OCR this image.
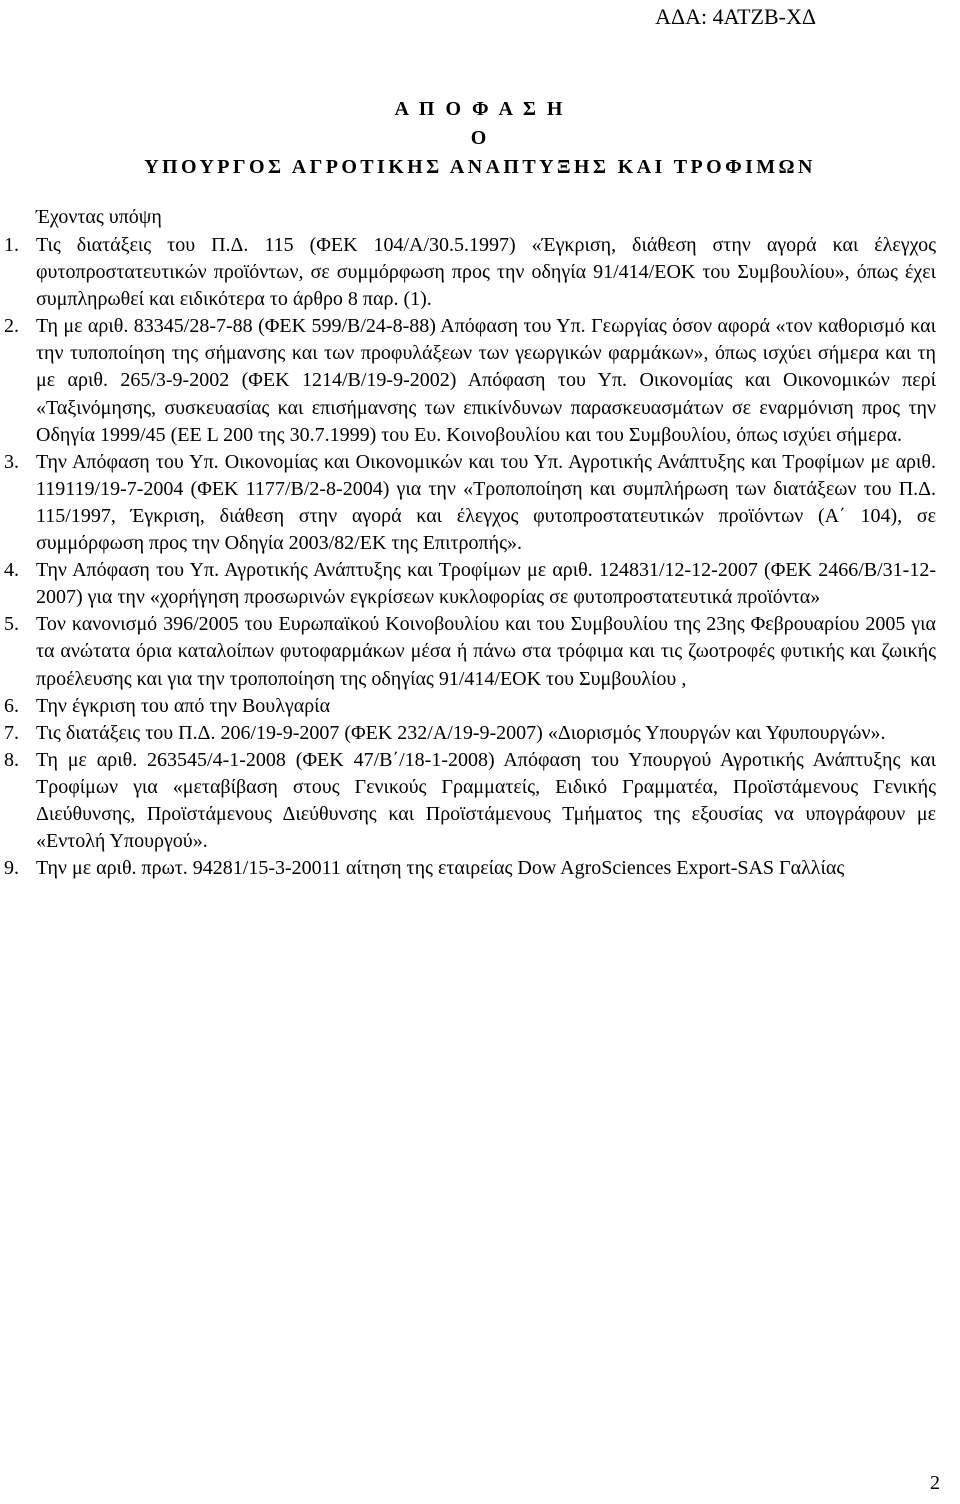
ΑΔΑ: 4ΑΤΖΒ-ΧΔ
Α Π Ο Φ Α Σ Η
Ο
ΥΠΟΥΡΓΟΣ ΑΓΡΟΤΙΚΗΣ ΑΝΑΠΤΥΞΗΣ ΚΑΙ ΤΡΟΦΙΜΩΝ
Έχοντας υπόψη
1. Τις διατάξεις του Π.Δ. 115 (ΦΕΚ 104/Α/30.5.1997) «Έγκριση, διάθεση στην αγορά και έλεγχος φυτοπροστατευτικών προϊόντων, σε συμμόρφωση προς την οδηγία 91/414/ΕΟΚ του Συμβουλίου», όπως έχει συμπληρωθεί και ειδικότερα το άρθρο 8 παρ. (1).
2. Τη με αριθ. 83345/28-7-88 (ΦΕΚ 599/Β/24-8-88) Απόφαση του Υπ. Γεωργίας όσον αφορά «τον καθορισμό και την τυποποίηση της σήμανσης και των προφυλάξεων των γεωργικών φαρμάκων», όπως ισχύει σήμερα και τη με αριθ. 265/3-9-2002 (ΦΕΚ 1214/Β/19-9-2002) Απόφαση του Υπ. Οικονομίας και Οικονομικών περί «Ταξινόμησης, συσκευασίας και επισήμανσης των επικίνδυνων παρασκευασμάτων σε εναρμόνιση προς την Οδηγία 1999/45 (ΕΕ L 200 της 30.7.1999) του Ευ. Κοινοβουλίου και του Συμβουλίου, όπως ισχύει σήμερα.
3. Την Απόφαση του Υπ. Οικονομίας και Οικονομικών και του Υπ. Αγροτικής Ανάπτυξης και Τροφίμων με αριθ. 119119/19-7-2004 (ΦΕΚ 1177/Β/2-8-2004) για την «Τροποποίηση και συμπλήρωση των διατάξεων του Π.Δ. 115/1997, Έγκριση, διάθεση στην αγορά και έλεγχος φυτοπροστατευτικών προϊόντων (Α΄ 104), σε συμμόρφωση προς την Οδηγία 2003/82/ΕΚ της Επιτροπής».
4. Την Απόφαση του Υπ. Αγροτικής Ανάπτυξης και Τροφίμων με αριθ. 124831/12-12-2007 (ΦΕΚ 2466/Β/31-12-2007) για την «χορήγηση προσωρινών εγκρίσεων κυκλοφορίας σε φυτοπροστατευτικά προϊόντα»
5. Τον κανονισμό 396/2005 του Ευρωπαϊκού Κοινοβουλίου και του Συμβουλίου της 23ης Φεβρουαρίου 2005 για τα ανώτατα όρια καταλοίπων φυτοφαρμάκων μέσα ή πάνω στα τρόφιμα και τις ζωοτροφές φυτικής και ζωικής προέλευσης και για την τροποποίηση της οδηγίας 91/414/ΕΟΚ του Συμβουλίου ,
6. Την έγκριση του από την Βουλγαρία
7. Τις διατάξεις του Π.Δ. 206/19-9-2007 (ΦΕΚ 232/Α/19-9-2007) «Διορισμός Υπουργών και Υφυπουργών».
8. Τη με αριθ. 263545/4-1-2008 (ΦΕΚ 47/Β΄/18-1-2008) Απόφαση του Υπουργού Αγροτικής Ανάπτυξης και Τροφίμων για «μεταβίβαση στους Γενικούς Γραμματείς, Ειδικό Γραμματέα, Προϊστάμενους Γενικής Διεύθυνσης, Προϊστάμενους Διεύθυνσης και Προϊστάμενους Τμήματος της εξουσίας να υπογράφουν με «Εντολή Υπουργού».
9. Την με αριθ. πρωτ. 94281/15-3-20011 αίτηση της εταιρείας Dow AgroSciences Export-SAS Γαλλίας
2
